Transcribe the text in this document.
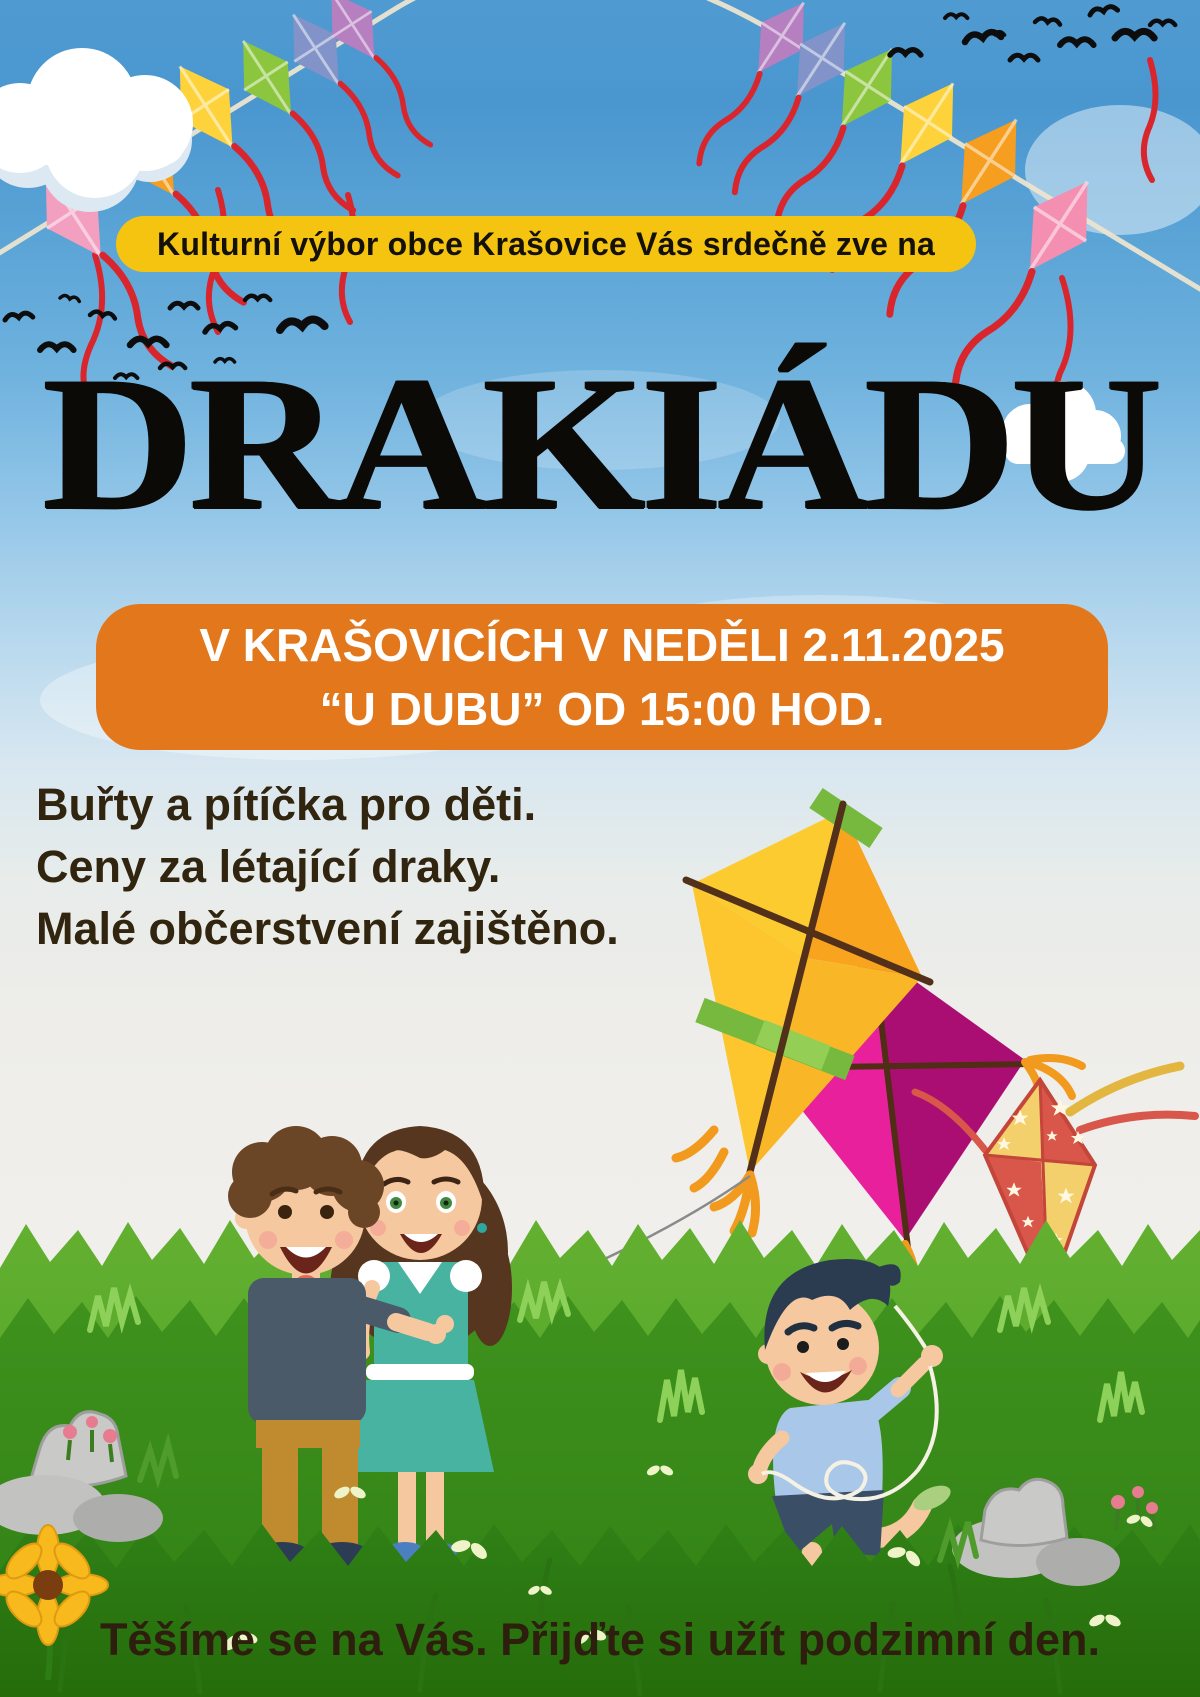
Kulturní výbor obce Krašovice Vás srdečně zve na
DRAKIÁDU
V KRAŠOVICÍCH V NEDĚLI 2.11.2025
“U DUBU” OD 15:00 HOD.
Buřty a pítíčka pro děti.
Ceny za létající draky.
Malé občerstvení zajištěno.
Těšíme se na Vás. Přijďte si užít podzimní den.
